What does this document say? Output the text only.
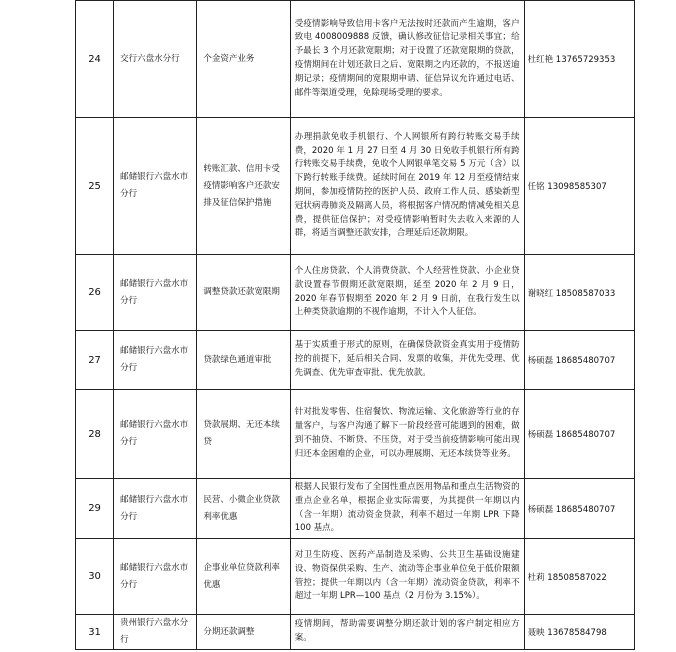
24	交行六盘水分行	个金资产业务	受疫情影响导致信用卡客户无法按时还款而产生逾期，客户致电 4008009888 反馈，确认修改征信记录相关事宜；给予最长 3 个月还款宽限期；对于设置了还款宽限期的贷款，疫情期间在计划还款日之后、宽限期之内还款的，不报送逾期记录；疫情期间的宽限期申请、征信异议允许通过电话、邮件等渠道受理，免除现场受理的要求。	杜红艳 13765729353
25	邮储银行六盘水市分行	转账汇款、信用卡受疫情影响客户还款安排及征信保护措施	办理捐款免收手机银行、个人网银所有跨行转账交易手续费，2020 年 1 月 27 日至 4 月 30 日免收手机银行所有跨行转账交易手续费，免收个人网银单笔交易 5 万元（含）以下跨行转账手续费。延续时间在 2019 年 12 月至疫情结束期间，参加疫情防控的医护人员、政府工作人员、感染新型冠状病毒肺炎及隔离人员，将根据客户情况酌情减免相关息费，提供征信保护；对受疫情影响暂时失去收入来源的人群，将适当调整还款安排，合理延后还款期限。	任铭 13098585307
26	邮储银行六盘水市分行	调整贷款还款宽限期	个人住房贷款、个人消费贷款、个人经营性贷款、小企业贷款设置春节假期还款宽限期，延至 2020 年 2 月 9 日，2020 年春节假期至 2020 年 2 月 9 日前，在我行发生以上种类贷款逾期的不视作逾期，不计入个人征信。	谢晓红 18508587033
27	邮储银行六盘水市分行	贷款绿色通道审批	基于实质重于形式的原则，在确保贷款资金真实用于疫情防控的前提下，延后相关合同、发票的收集，并优先受理、优先调查、优先审查审批、优先放款。	杨硕磊 18685480707
28	邮储银行六盘水市分行	贷款展期、无还本续贷	针对批发零售、住宿餐饮、物流运输、文化旅游等行业的存量客户，与客户沟通了解下一阶段经营可能遇到的困难，做到不抽贷、不断贷、不压贷，对于受当前疫情影响可能出现归还本金困难的企业，可以办理展期、无还本续贷等业务。	杨硕磊 18685480707
29	邮储银行六盘水市分行	民营、小微企业贷款利率优惠	根据人民银行发布了全国性重点医用物品和重点生活物资的重点企业名单，根据企业实际需要，为其提供一年期以内（含一年期）流动资金贷款，利率不超过一年期 LPR 下降 100 基点。	杨硕磊 18685480707
30	邮储银行六盘水市分行	企事业单位贷款利率优惠	对卫生防疫、医药产品制造及采购、公共卫生基础设施建设、物资保供采购、生产、流动等企事业单位免于低价限额管控；提供一年期以内（含一年期）流动资金贷款，利率不超过一年期 LPR—100 基点（2 月份为 3.15%）。	杜莉 18508587022
31	贵州银行六盘水分行	分期还款调整	疫情期间，帮助需要调整分期还款计划的客户制定相应方案。	聂映 13678584798
